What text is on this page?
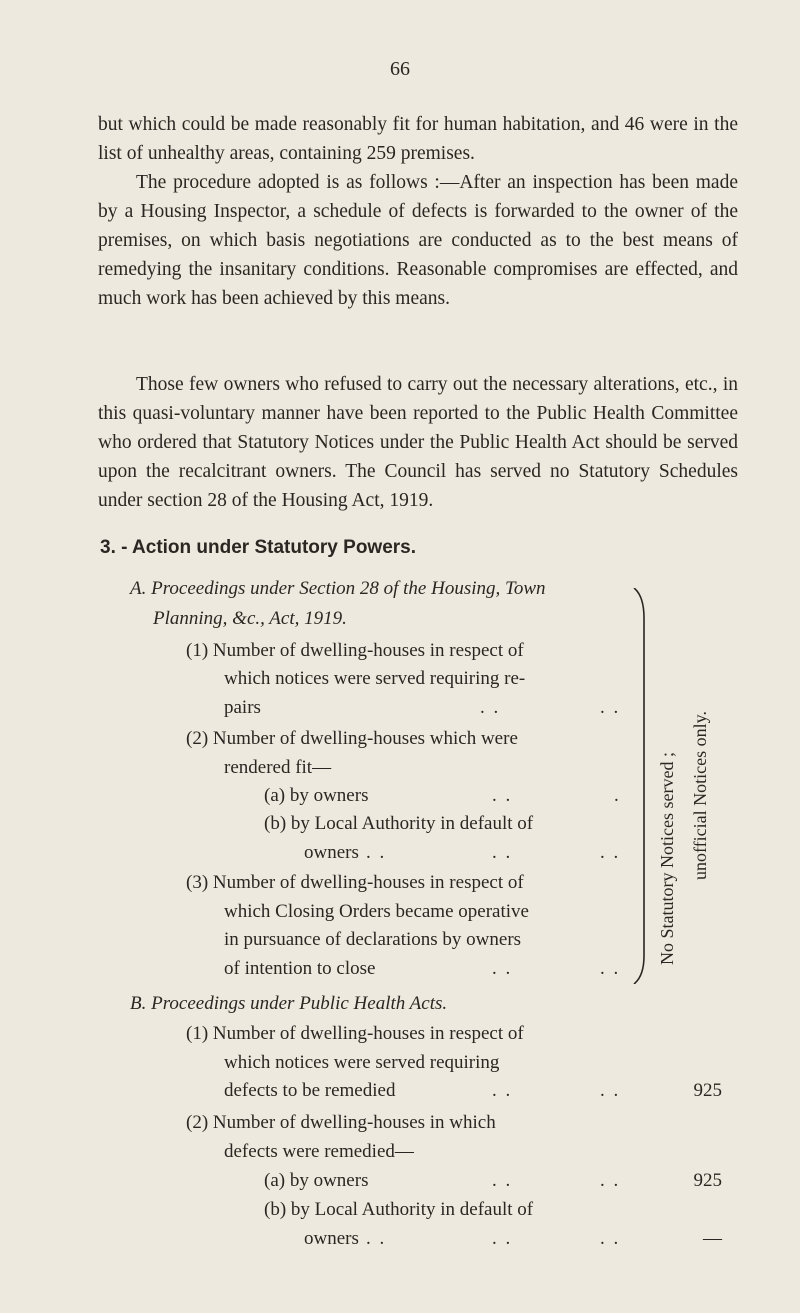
66

but which could be made reasonably fit for human habitation, and 46 were in the list of unhealthy areas, containing 259 premises.

The procedure adopted is as follows :—After an inspection has been made by a Housing Inspector, a schedule of defects is forwarded to the owner of the premises, on which basis negotiations are conducted as to the best means of remedying the insanitary conditions. Reasonable compromises are effected, and much work has been achieved by this means.

Those few owners who refused to carry out the necessary alterations, etc., in this quasi-voluntary manner have been reported to the Public Health Committee who ordered that Statutory Notices under the Public Health Act should be served upon the recalcitrant owners. The Council has served no Statutory Schedules under section 28 of the Housing Act, 1919.

3. - Action under Statutory Powers.
A. Proceedings under Section 28 of the Housing, Town
Planning, &c., Act, 1919.
(1) Number of dwelling-houses in respect of
which notices were served requiring re-
pairs	. .	. .
(2) Number of dwelling-houses which were
rendered fit—
(a) by owners	. .	.
(b) by Local Authority in default of
owners . .	. .	. .
(3) Number of dwelling-houses in respect of
which Closing Orders became operative
in pursuance of declarations by owners
of intention to close	. .	. .
No Statutory Notices served ; unofficial Notices only.
B. Proceedings under Public Health Acts.
(1) Number of dwelling-houses in respect of
which notices were served requiring
defects to be remedied	. .	. .	925
(2) Number of dwelling-houses in which
defects were remedied—
(a) by owners	. .	. .	925
(b) by Local Authority in default of
owners . .	. .	. .	—
